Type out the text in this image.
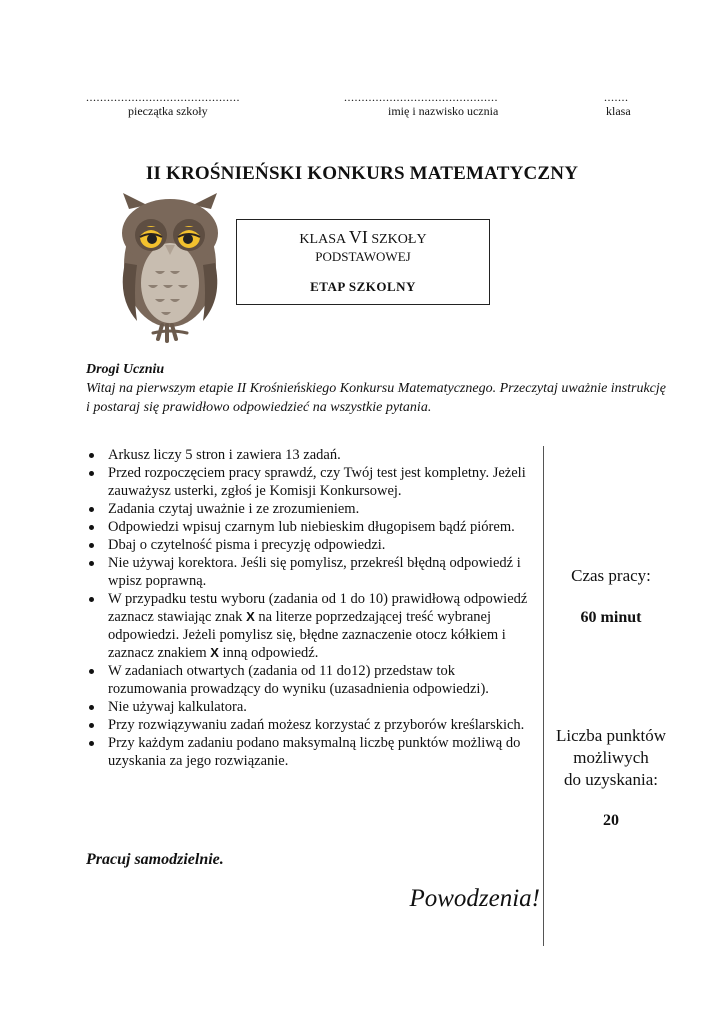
............................................
pieczątka szkoły
............................................
imię i nazwisko ucznia
.......
klasa
II KROŚNIEŃSKI KONKURS MATEMATYCZNY
KLASA VI SZKOŁY
PODSTAWOWEJ
ETAP SZKOLNY
Drogi Uczniu
Witaj na pierwszym etapie II Krośnieńskiego Konkursu Matematycznego. Przeczytaj uważnie instrukcję i postaraj się prawidłowo odpowiedzieć na wszystkie pytania.
Arkusz liczy 5 stron i zawiera 13 zadań.
Przed rozpoczęciem pracy sprawdź, czy Twój test jest kompletny. Jeżeli zauważysz usterki, zgłoś je Komisji Konkursowej.
Zadania czytaj uważnie i ze zrozumieniem.
Odpowiedzi wpisuj czarnym lub niebieskim długopisem bądź piórem.
Dbaj o czytelność pisma i precyzję odpowiedzi.
Nie używaj korektora. Jeśli się pomylisz, przekreśl błędną odpowiedź i wpisz poprawną.
W przypadku testu wyboru (zadania od 1 do 10) prawidłową odpowiedź zaznacz stawiając znak X na literze poprzedzającej treść wybranej odpowiedzi. Jeżeli pomylisz się, błędne zaznaczenie otocz kółkiem i zaznacz znakiem X inną odpowiedź.
W zadaniach otwartych (zadania od 11 do12) przedstaw tok rozumowania prowadzący do wyniku (uzasadnienia odpowiedzi).
Nie używaj kalkulatora.
Przy rozwiązywaniu zadań możesz korzystać z przyborów kreślarskich.
Przy każdym zadaniu podano maksymalną liczbę punktów możliwą do uzyskania za jego rozwiązanie.
Czas pracy:
60 minut
Liczba punktów
możliwych
do uzyskania:
20
Pracuj samodzielnie.
Powodzenia!
